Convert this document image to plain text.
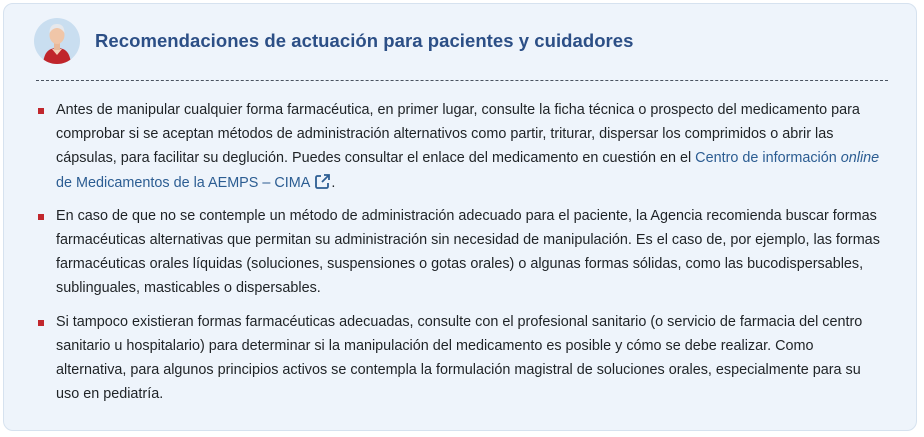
Recomendaciones de actuación para pacientes y cuidadores
Antes de manipular cualquier forma farmacéutica, en primer lugar, consulte la ficha técnica o prospecto del medicamento para comprobar si se aceptan métodos de administración alternativos como partir, triturar, dispersar los comprimidos o abrir las cápsulas, para facilitar su deglución. Puedes consultar el enlace del medicamento en cuestión en el Centro de información online de Medicamentos de la AEMPS – CIMA .
En caso de que no se contemple un método de administración adecuado para el paciente, la Agencia recomienda buscar formas farmacéuticas alternativas que permitan su administración sin necesidad de manipulación. Es el caso de, por ejemplo, las formas farmacéuticas orales líquidas (soluciones, suspensiones o gotas orales) o algunas formas sólidas, como las bucodispersables, sublinguales, masticables o dispersables.
Si tampoco existieran formas farmacéuticas adecuadas, consulte con el profesional sanitario (o servicio de farmacia del centro sanitario u hospitalario) para determinar si la manipulación del medicamento es posible y cómo se debe realizar. Como alternativa, para algunos principios activos se contempla la formulación magistral de soluciones orales, especialmente para su uso en pediatría.
